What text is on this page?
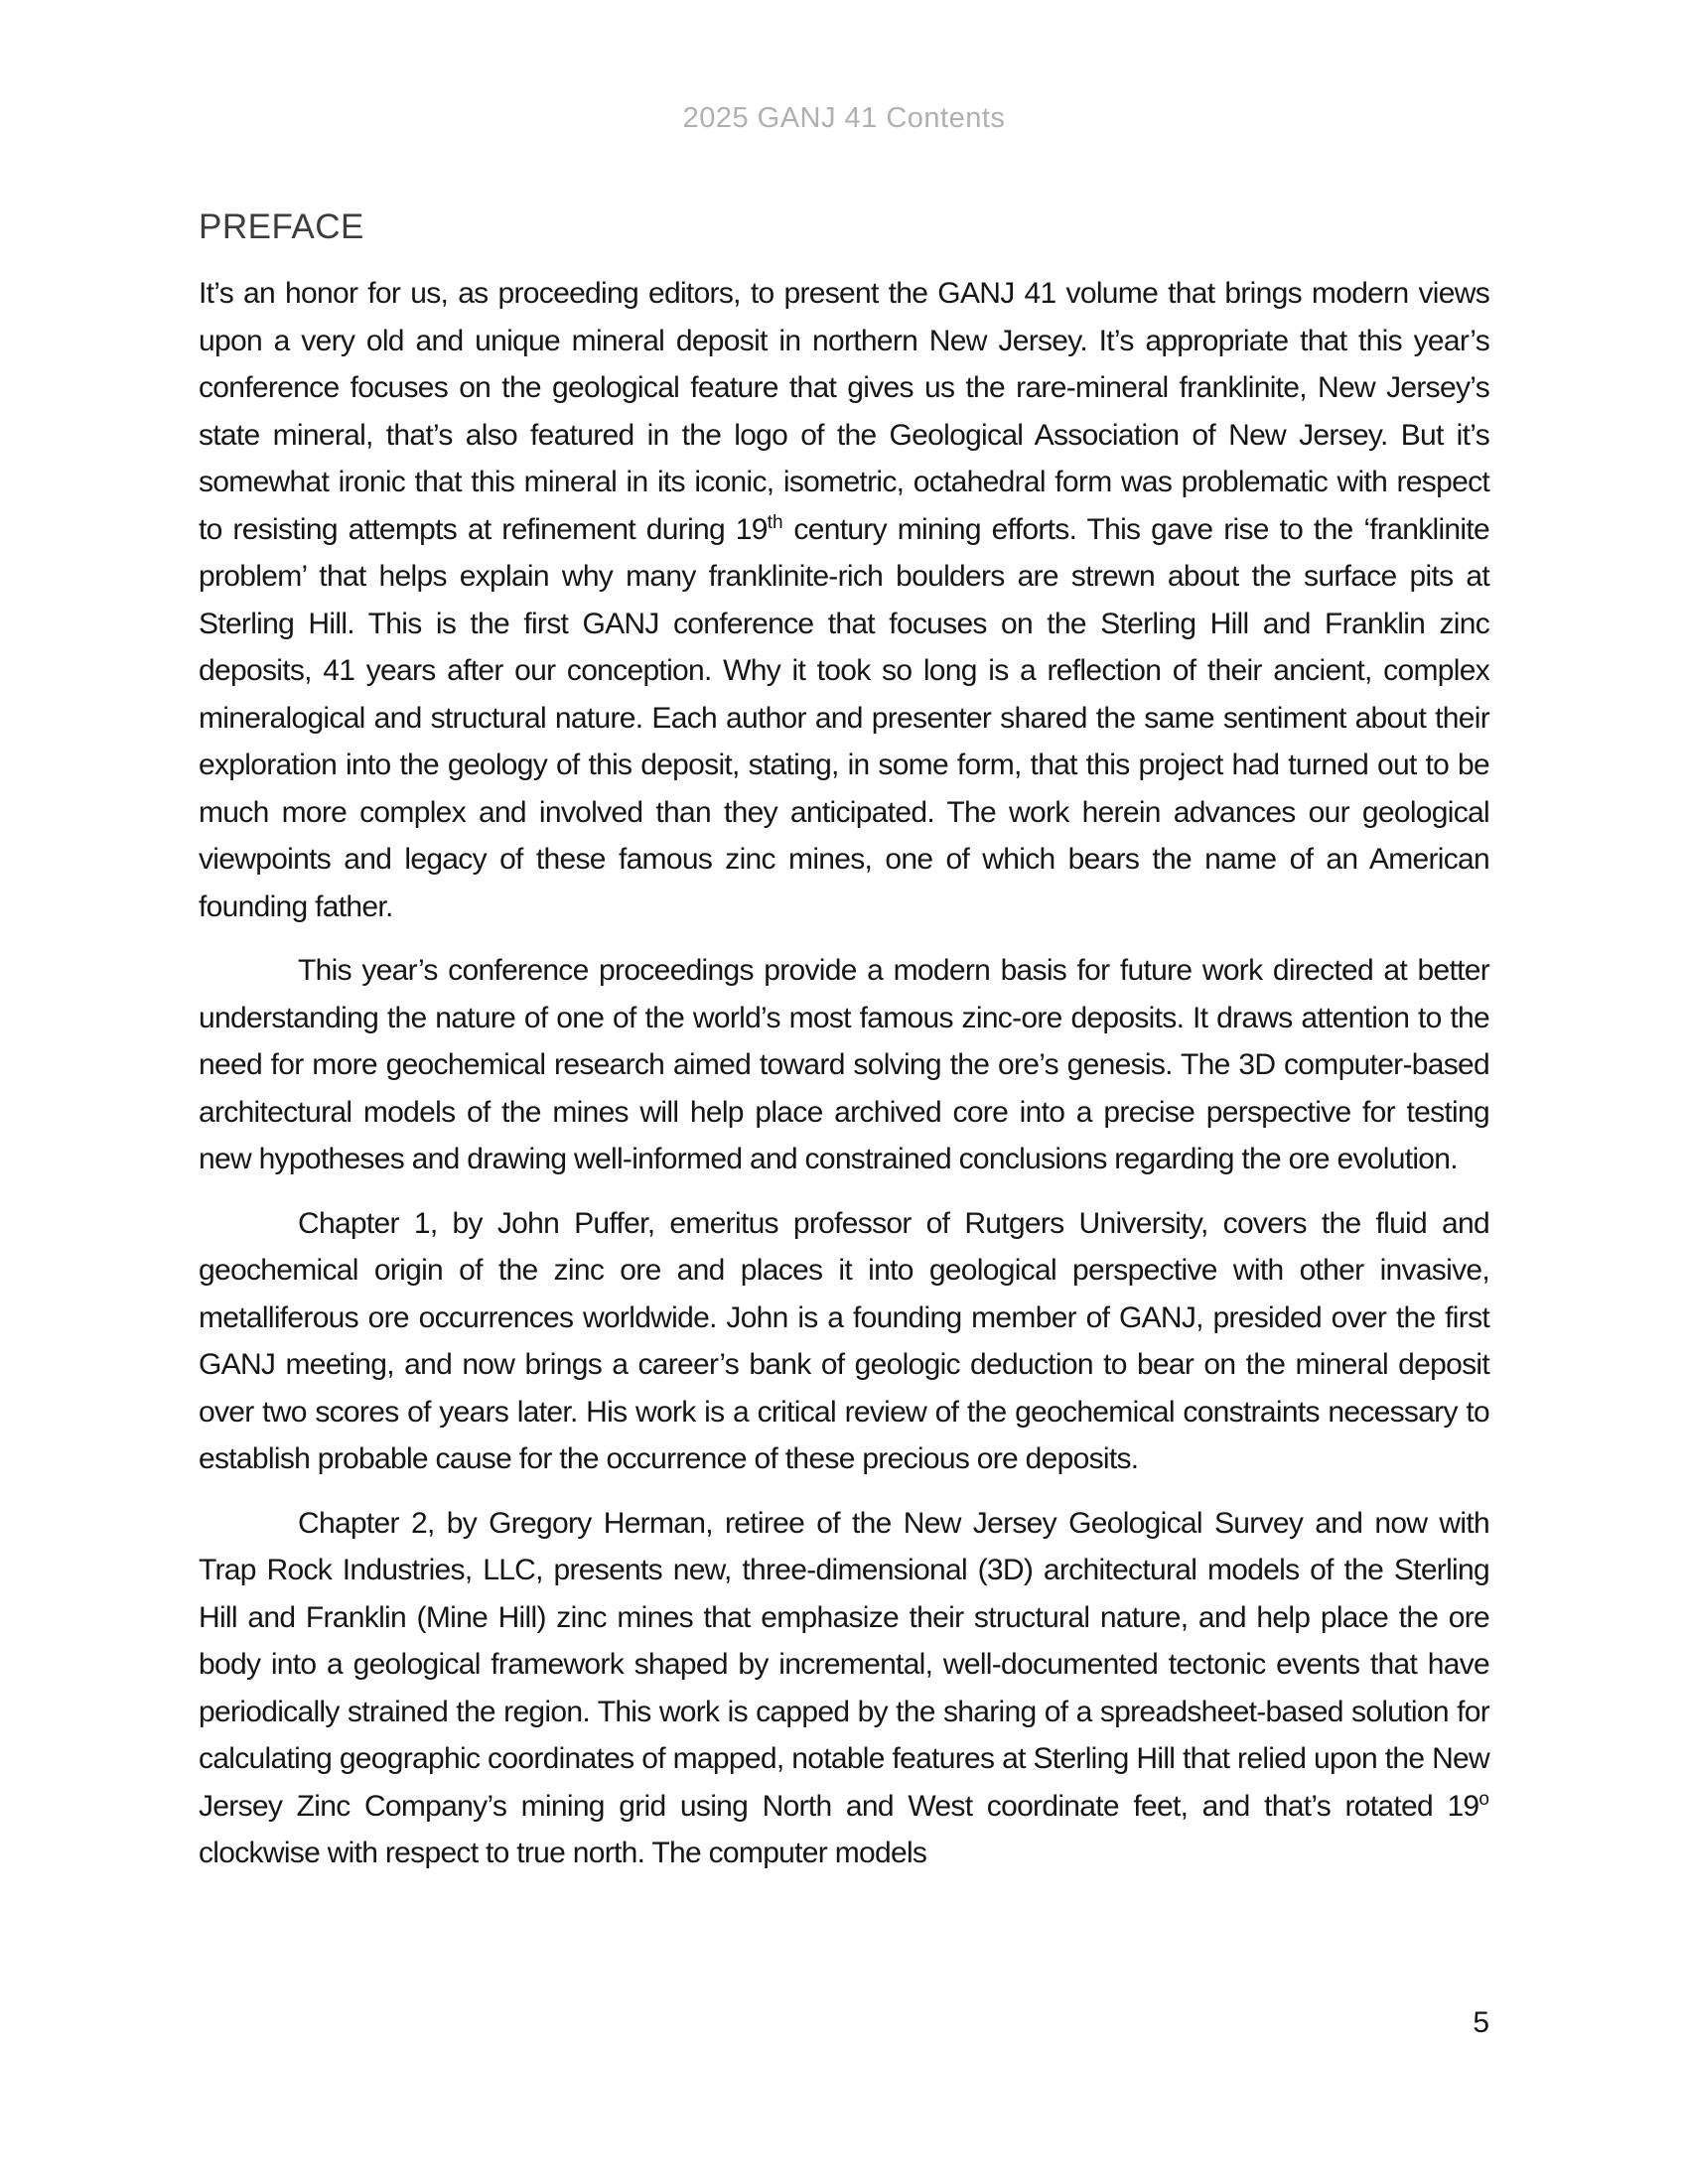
2025 GANJ 41 Contents
PREFACE

It’s an honor for us, as proceeding editors, to present the GANJ 41 volume that brings modern views upon a very old and unique mineral deposit in northern New Jersey. It’s appropriate that this year’s conference focuses on the geological feature that gives us the rare-mineral franklinite, New Jersey’s state mineral, that’s also featured in the logo of the Geological Association of New Jersey. But it’s somewhat ironic that this mineral in its iconic, isometric, octahedral form was problematic with respect to resisting attempts at refinement during 19th century mining efforts. This gave rise to the ‘franklinite problem’ that helps explain why many franklinite-rich boulders are strewn about the surface pits at Sterling Hill. This is the first GANJ conference that focuses on the Sterling Hill and Franklin zinc deposits, 41 years after our conception. Why it took so long is a reflection of their ancient, complex mineralogical and structural nature. Each author and presenter shared the same sentiment about their exploration into the geology of this deposit, stating, in some form, that this project had turned out to be much more complex and involved than they anticipated. The work herein advances our geological viewpoints and legacy of these famous zinc mines, one of which bears the name of an American founding father.

This year’s conference proceedings provide a modern basis for future work directed at better understanding the nature of one of the world’s most famous zinc-ore deposits. It draws attention to the need for more geochemical research aimed toward solving the ore’s genesis. The 3D computer-based architectural models of the mines will help place archived core into a precise perspective for testing new hypotheses and drawing well-informed and constrained conclusions regarding the ore evolution.

Chapter 1, by John Puffer, emeritus professor of Rutgers University, covers the fluid and geochemical origin of the zinc ore and places it into geological perspective with other invasive, metalliferous ore occurrences worldwide. John is a founding member of GANJ, presided over the first GANJ meeting, and now brings a career’s bank of geologic deduction to bear on the mineral deposit over two scores of years later. His work is a critical review of the geochemical constraints necessary to establish probable cause for the occurrence of these precious ore deposits.

Chapter 2, by Gregory Herman, retiree of the New Jersey Geological Survey and now with Trap Rock Industries, LLC, presents new, three-dimensional (3D) architectural models of the Sterling Hill and Franklin (Mine Hill) zinc mines that emphasize their structural nature, and help place the ore body into a geological framework shaped by incremental, well-documented tectonic events that have periodically strained the region. This work is capped by the sharing of a spreadsheet-based solution for calculating geographic coordinates of mapped, notable features at Sterling Hill that relied upon the New Jersey Zinc Company’s mining grid using North and West coordinate feet, and that’s rotated 19$^o$ clockwise with respect to true north. The computer models

5
